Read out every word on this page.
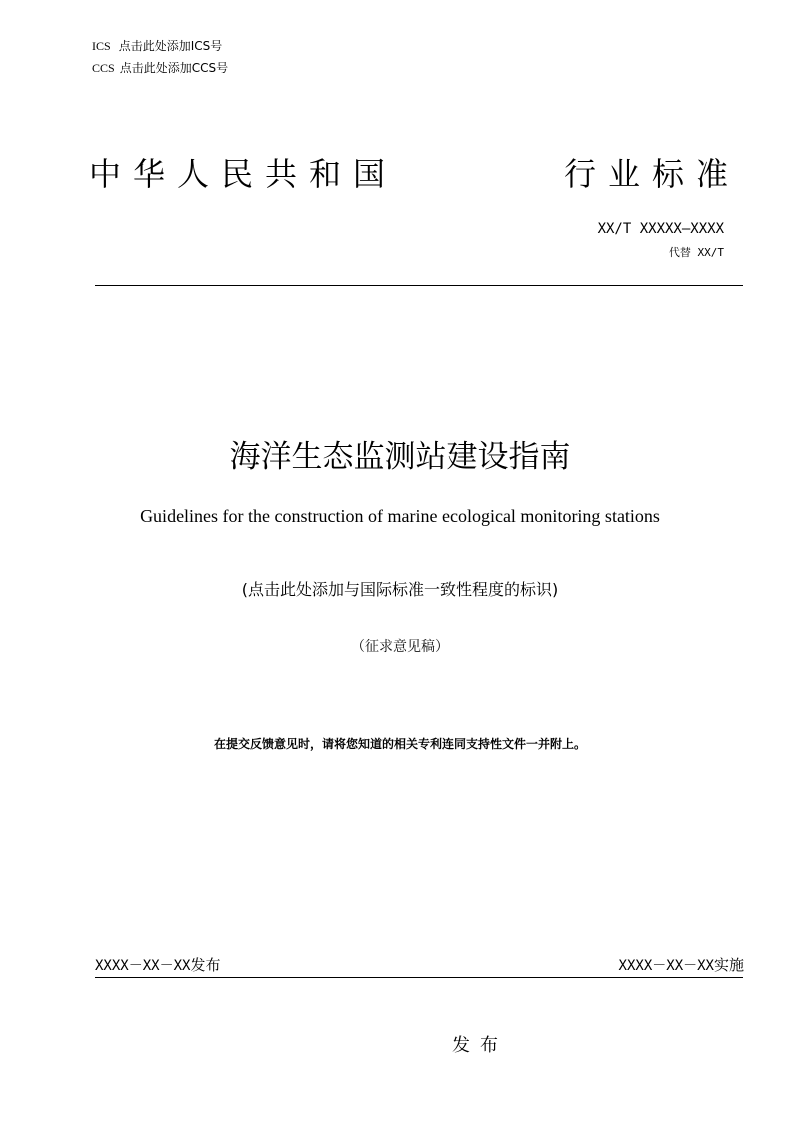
ICS 点击此处添加ICS号
CCS 点击此处添加CCS号
中华人民共和国	行业标准
XX/T XXXXX—XXXX
代替 XX/T
海洋生态监测站建设指南
Guidelines for the construction of marine ecological monitoring stations
(点击此处添加与国际标准一致性程度的标识)
（征求意见稿）
在提交反馈意见时，请将您知道的相关专利连同支持性文件一并附上。
XXXX－XX－XX发布	XXXX－XX－XX实施
发布
